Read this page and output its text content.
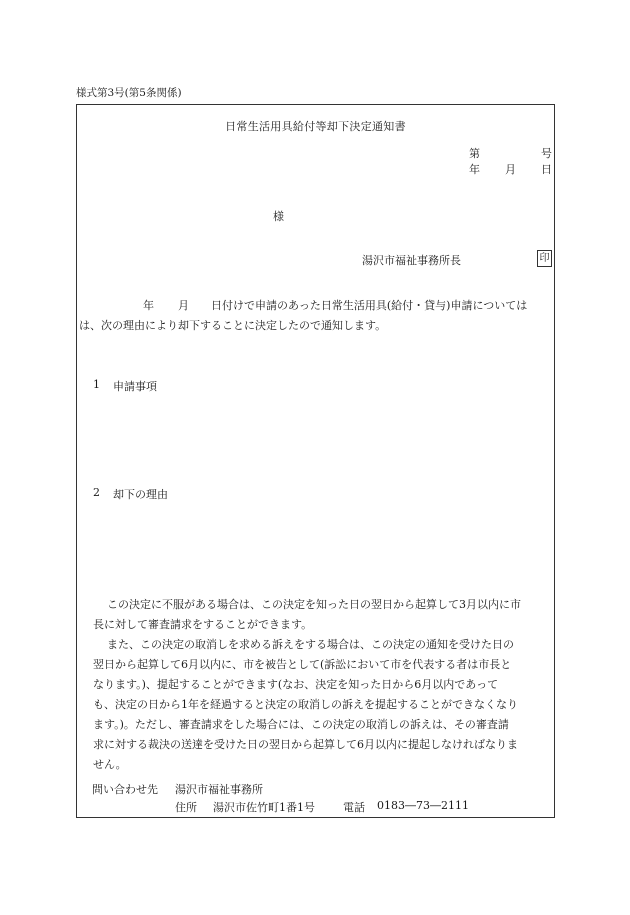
様式第3号(第5条関係)
日常生活用具給付等却下決定通知書
第	号
年 月 日
様
湯沢市福祉事務所長	印
年 月 日付けで申請のあった日常生活用具(給付・貸与)申請については
は、次の理由により却下することに決定したので通知します。
1 申請事項
2 却下の理由
この決定に不服がある場合は、この決定を知った日の翌日から起算して3月以内に市
長に対して審査請求をすることができます。
また、この決定の取消しを求める訴えをする場合は、この決定の通知を受けた日の
翌日から起算して6月以内に、市を被告として(訴訟において市を代表する者は市長と
なります。)、提起することができます(なお、決定を知った日から6月以内であって
も、決定の日から1年を経過すると決定の取消しの訴えを提起することができなくなり
ます。)。ただし、審査請求をした場合には、この決定の取消しの訴えは、その審査請
求に対する裁決の送達を受けた日の翌日から起算して6月以内に提起しなければなりま
せん。
問い合わせ先 湯沢市福祉事務所
住所 湯沢市佐竹町1番1号	電話 0183―73―2111
